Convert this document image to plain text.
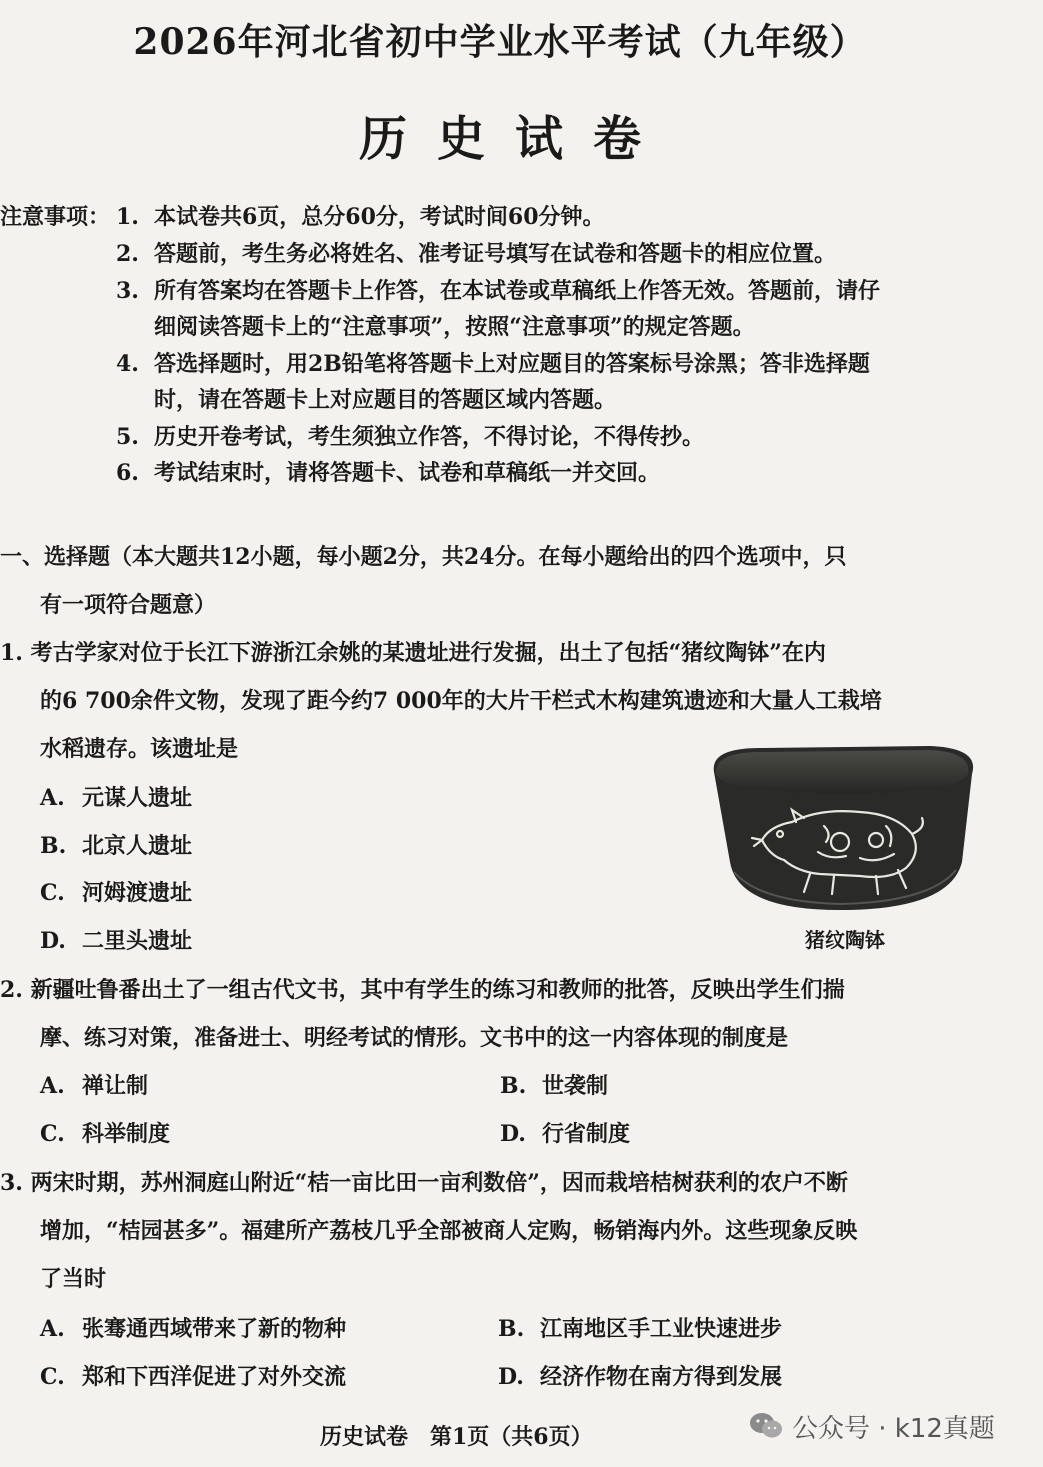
2026年河北省初中学业水平考试（九年级）
历史试卷
注意事项： 1. 本试卷共6页，总分60分，考试时间60分钟。
2. 答题前，考生务必将姓名、准考证号填写在试卷和答题卡的相应位置。
3. 所有答案均在答题卡上作答，在本试卷或草稿纸上作答无效。答题前，请仔
细阅读答题卡上的“注意事项”，按照“注意事项”的规定答题。
4. 答选择题时，用2B铅笔将答题卡上对应题目的答案标号涂黑；答非选择题
时，请在答题卡上对应题目的答题区域内答题。
5. 历史开卷考试，考生须独立作答，不得讨论，不得传抄。
6. 考试结束时，请将答题卡、试卷和草稿纸一并交回。
一、选择题（本大题共12小题，每小题2分，共24分。在每小题给出的四个选项中，只
有一项符合题意）
1. 考古学家对位于长江下游浙江余姚的某遗址进行发掘，出土了包括“猪纹陶钵”在内
的6 700余件文物，发现了距今约7 000年的大片干栏式木构建筑遗迹和大量人工栽培
水稻遗存。该遗址是
A. 元谋人遗址
B. 北京人遗址
C. 河姆渡遗址
D. 二里头遗址	猪纹陶钵
2. 新疆吐鲁番出土了一组古代文书，其中有学生的练习和教师的批答，反映出学生们揣
摩、练习对策，准备进士、明经考试的情形。文书中的这一内容体现的制度是
A. 禅让制	B. 世袭制
C. 科举制度	D. 行省制度
3. 两宋时期，苏州洞庭山附近“桔一亩比田一亩利数倍”，因而栽培桔树获利的农户不断
增加，“桔园甚多”。福建所产荔枝几乎全部被商人定购，畅销海内外。这些现象反映
了当时
A. 张骞通西域带来了新的物种	B. 江南地区手工业快速进步
C. 郑和下西洋促进了对外交流	D. 经济作物在南方得到发展
历史试卷　第1页（共6页）	公众号 · k12真题
